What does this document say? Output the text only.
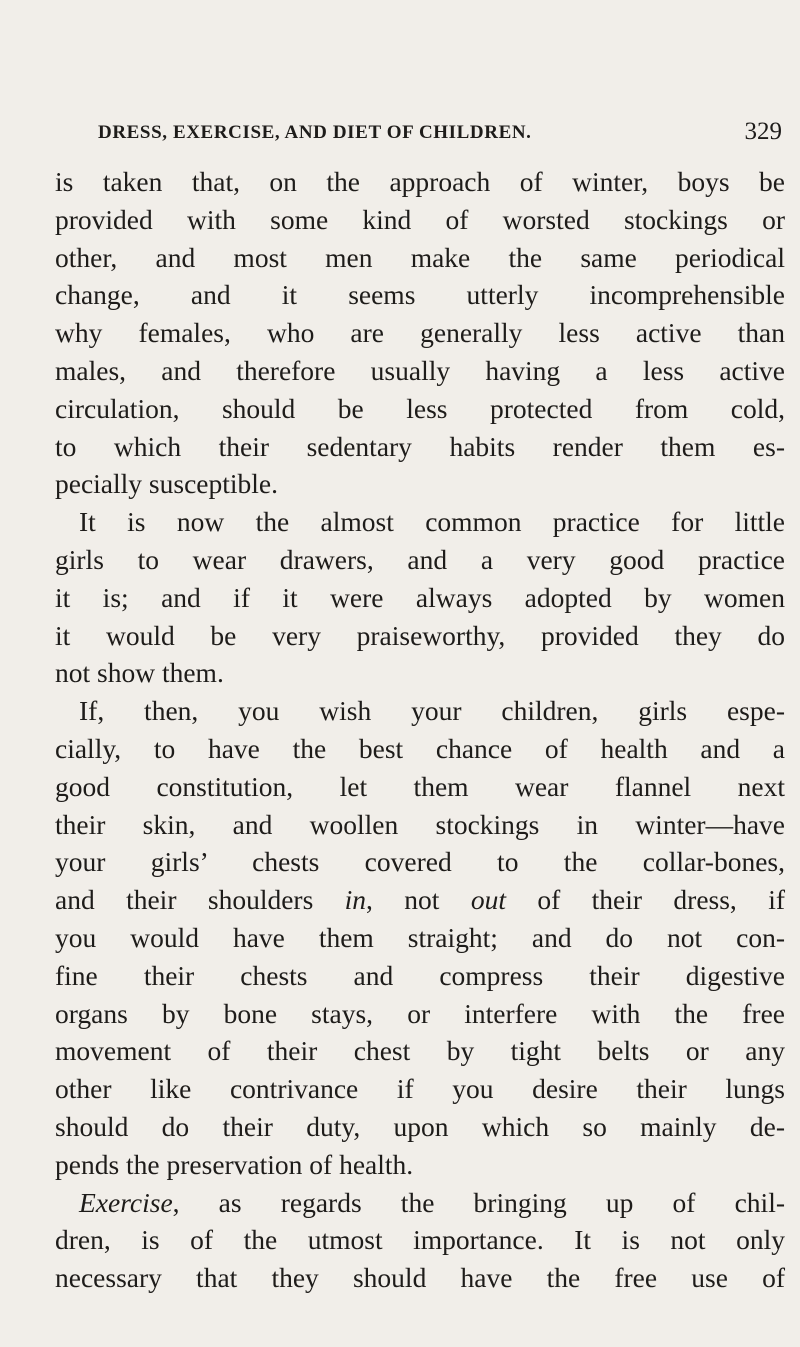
DRESS, EXERCISE, AND DIET OF CHILDREN.	329
is taken that, on the approach of winter, boys be
provided with some kind of worsted stockings or
other, and most men make the same periodical
change, and it seems utterly incomprehensible
why females, who are generally less active than
males, and therefore usually having a less active
circulation, should be less protected from cold,
to which their sedentary habits render them es-
pecially susceptible.
It is now the almost common practice for little
girls to wear drawers, and a very good practice
it is; and if it were always adopted by women
it would be very praiseworthy, provided they do
not show them.
If, then, you wish your children, girls espe-
cially, to have the best chance of health and a
good constitution, let them wear flannel next
their skin, and woollen stockings in winter—have
your girls’ chests covered to the collar-bones,
and their shoulders in, not out of their dress, if
you would have them straight; and do not con-
fine their chests and compress their digestive
organs by bone stays, or interfere with the free
movement of their chest by tight belts or any
other like contrivance if you desire their lungs
should do their duty, upon which so mainly de-
pends the preservation of health.
Exercise, as regards the bringing up of chil-
dren, is of the utmost importance. It is not only
necessary that they should have the free use of
